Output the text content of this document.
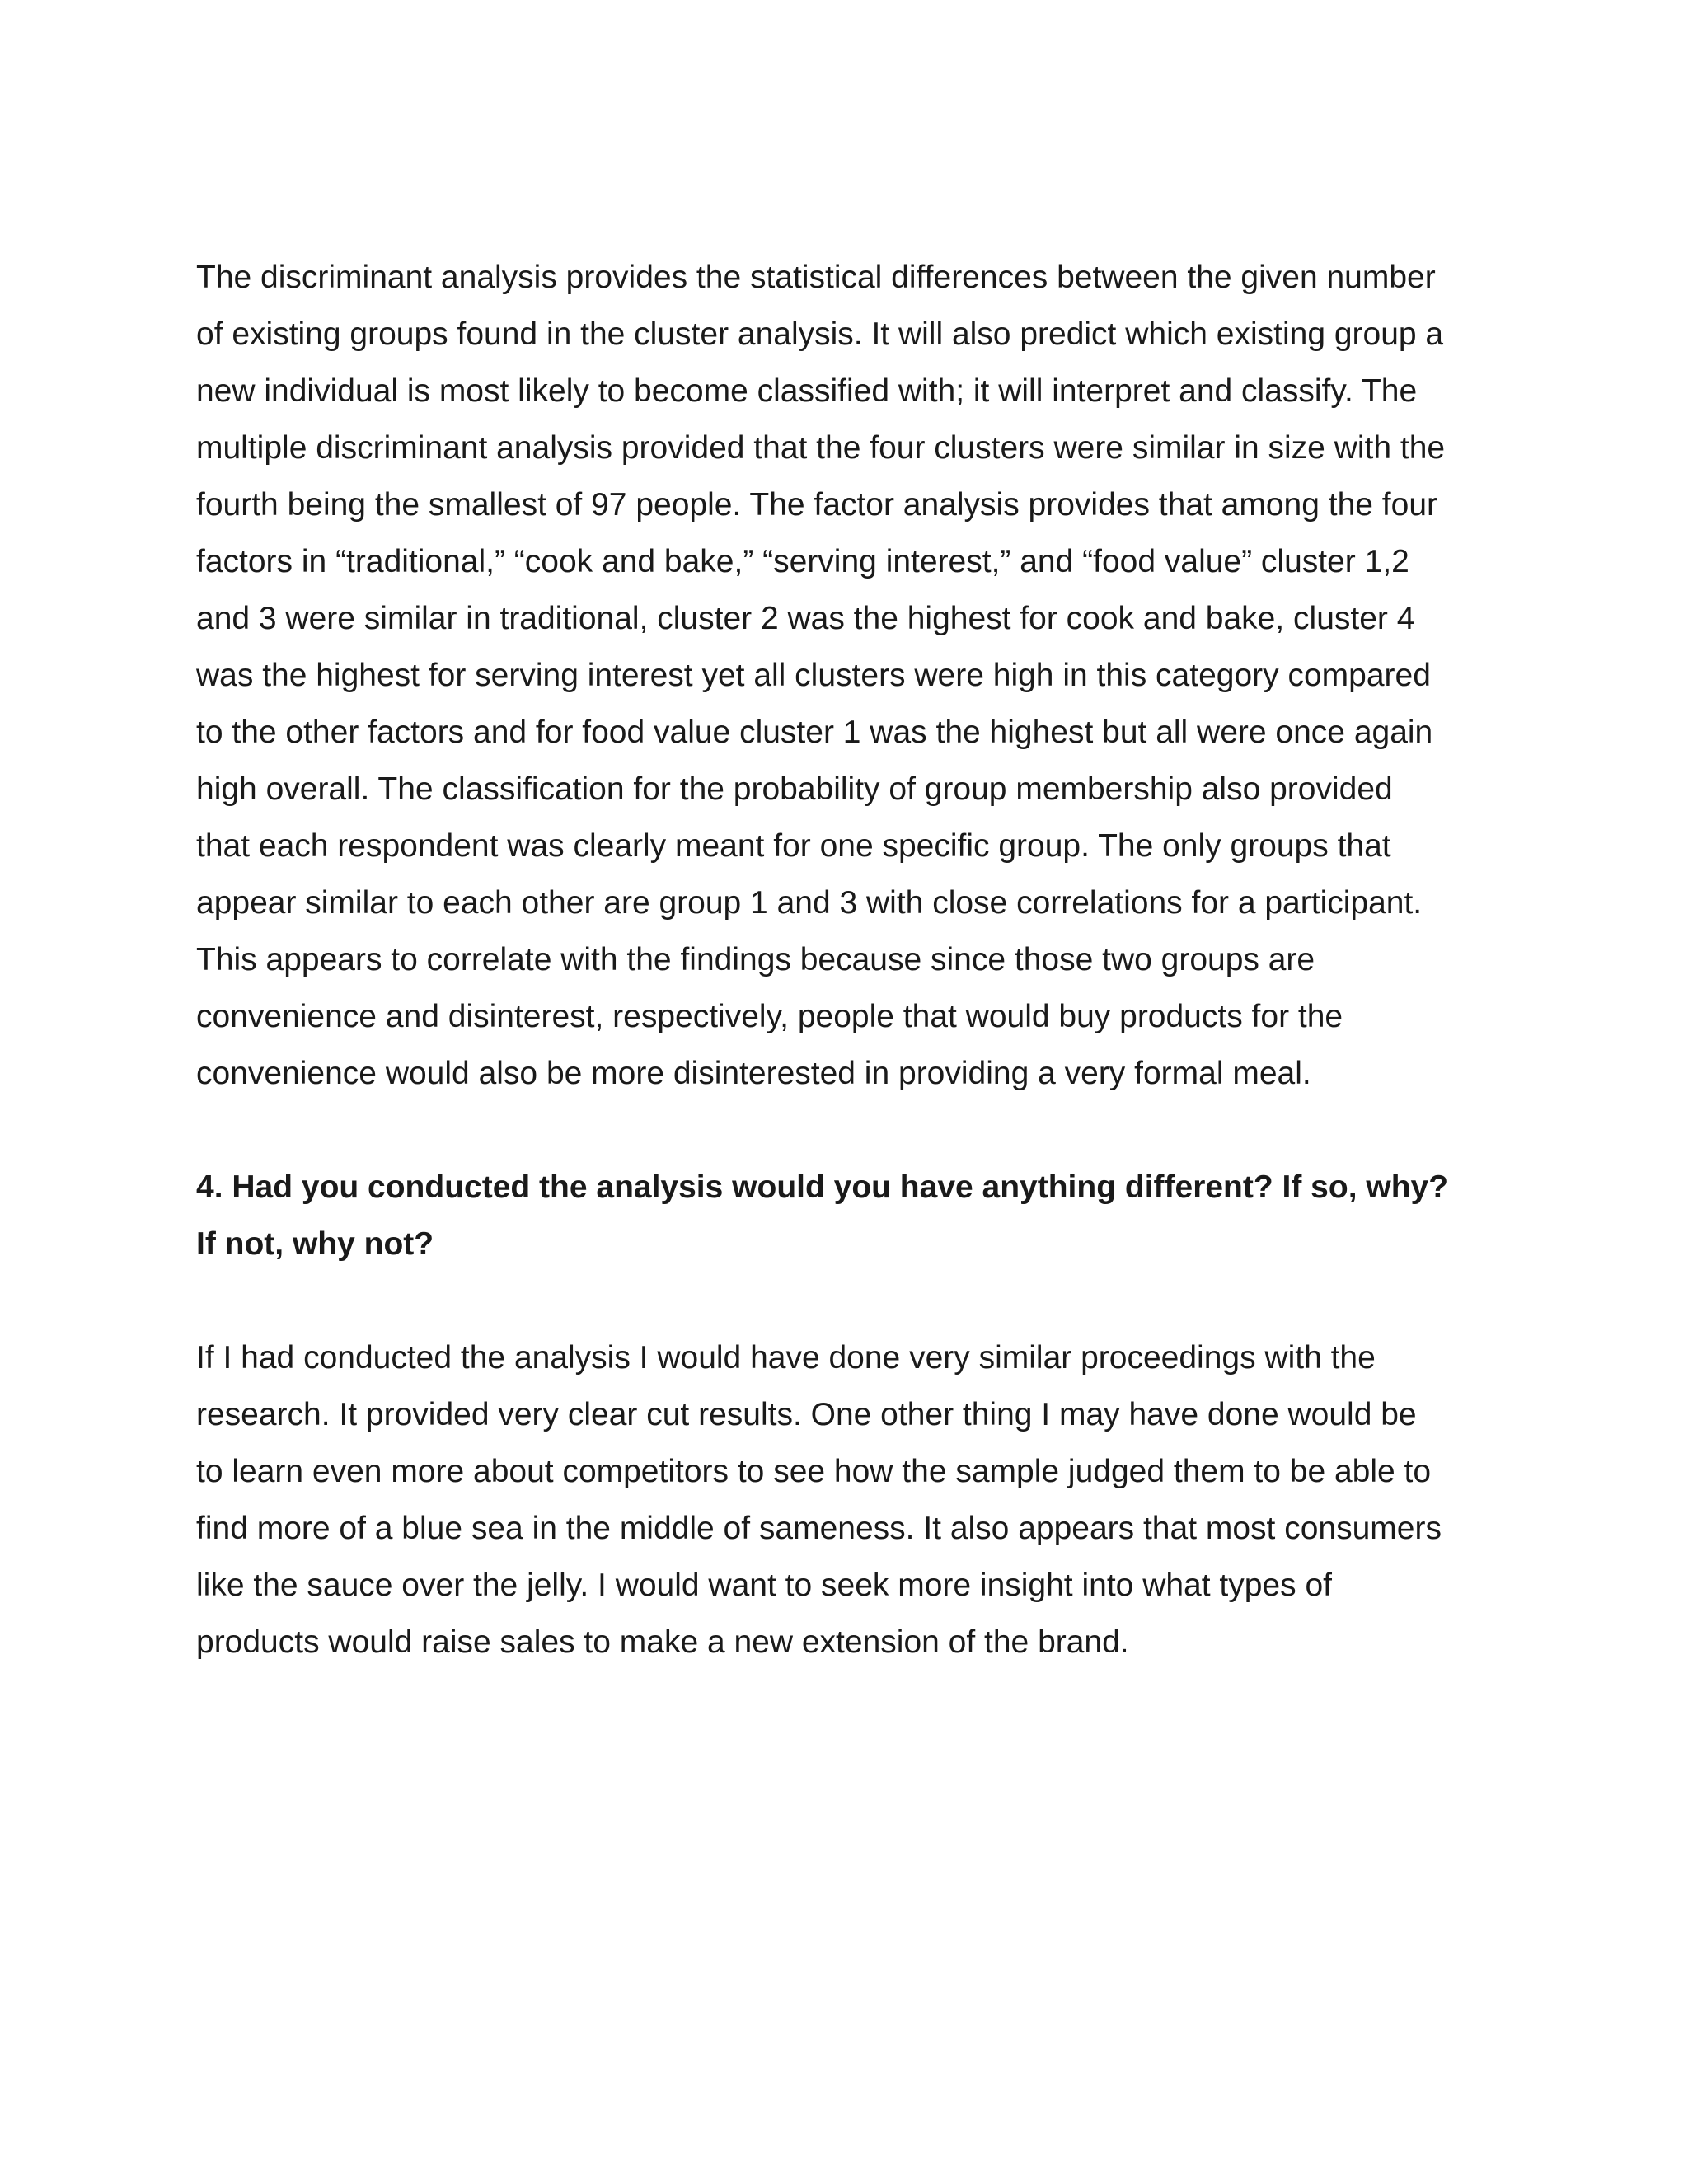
The discriminant analysis provides the statistical differences between the given number
of existing groups found in the cluster analysis. It will also predict which existing group a
new individual is most likely to become classified with; it will interpret and classify. The
multiple discriminant analysis provided that the four clusters were similar in size with the
fourth being the smallest of 97 people. The factor analysis provides that among the four
factors in “traditional,” “cook and bake,” “serving interest,” and “food value” cluster 1,2
and 3 were similar in traditional, cluster 2 was the highest for cook and bake, cluster 4
was the highest for serving interest yet all clusters were high in this category compared
to the other factors and for food value cluster 1 was the highest but all were once again
high overall. The classification for the probability of group membership also provided
that each respondent was clearly meant for one specific group. The only groups that
appear similar to each other are group 1 and 3 with close correlations for a participant.
This appears to correlate with the findings because since those two groups are
convenience and disinterest, respectively, people that would buy products for the
convenience would also be more disinterested in providing a very formal meal.

4. Had you conducted the analysis would you have anything different? If so, why?
If not, why not?

If I had conducted the analysis I would have done very similar proceedings with the
research. It provided very clear cut results. One other thing I may have done would be
to learn even more about competitors to see how the sample judged them to be able to
find more of a blue sea in the middle of sameness. It also appears that most consumers
like the sauce over the jelly. I would want to seek more insight into what types of
products would raise sales to make a new extension of the brand.
